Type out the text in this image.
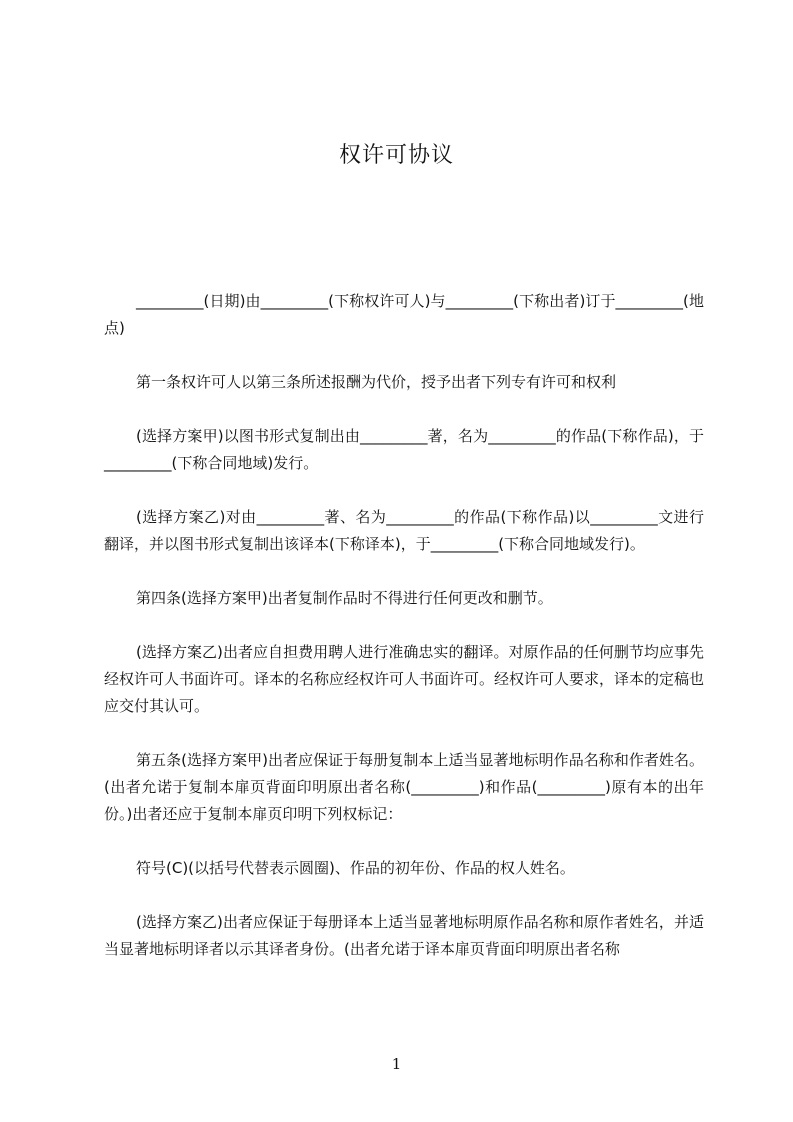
权许可协议

_________(日期)由_________(下称权许可人)与_________(下称出者)订于_________(地点)

第一条权许可人以第三条所述报酬为代价，授予出者下列专有许可和权利

(选择方案甲)以图书形式复制出由_________著，名为_________的作品(下称作品)，于_________(下称合同地域)发行。

(选择方案乙)对由_________著、名为_________的作品(下称作品)以_________文进行翻译，并以图书形式复制出该译本(下称译本)，于_________(下称合同地域发行)。

第四条(选择方案甲)出者复制作品时不得进行任何更改和删节。

(选择方案乙)出者应自担费用聘人进行准确忠实的翻译。对原作品的任何删节均应事先经权许可人书面许可。译本的名称应经权许可人书面许可。经权许可人要求，译本的定稿也应交付其认可。

第五条(选择方案甲)出者应保证于每册复制本上适当显著地标明作品名称和作者姓名。(出者允诺于复制本扉页背面印明原出者名称(_________)和作品(_________)原有本的出年份。)出者还应于复制本扉页印明下列权标记：

符号(C)(以括号代替表示圆圈)、作品的初年份、作品的权人姓名。

(选择方案乙)出者应保证于每册译本上适当显著地标明原作品名称和原作者姓名，并适当显著地标明译者以示其译者身份。(出者允诺于译本扉页背面印明原出者名称

1
